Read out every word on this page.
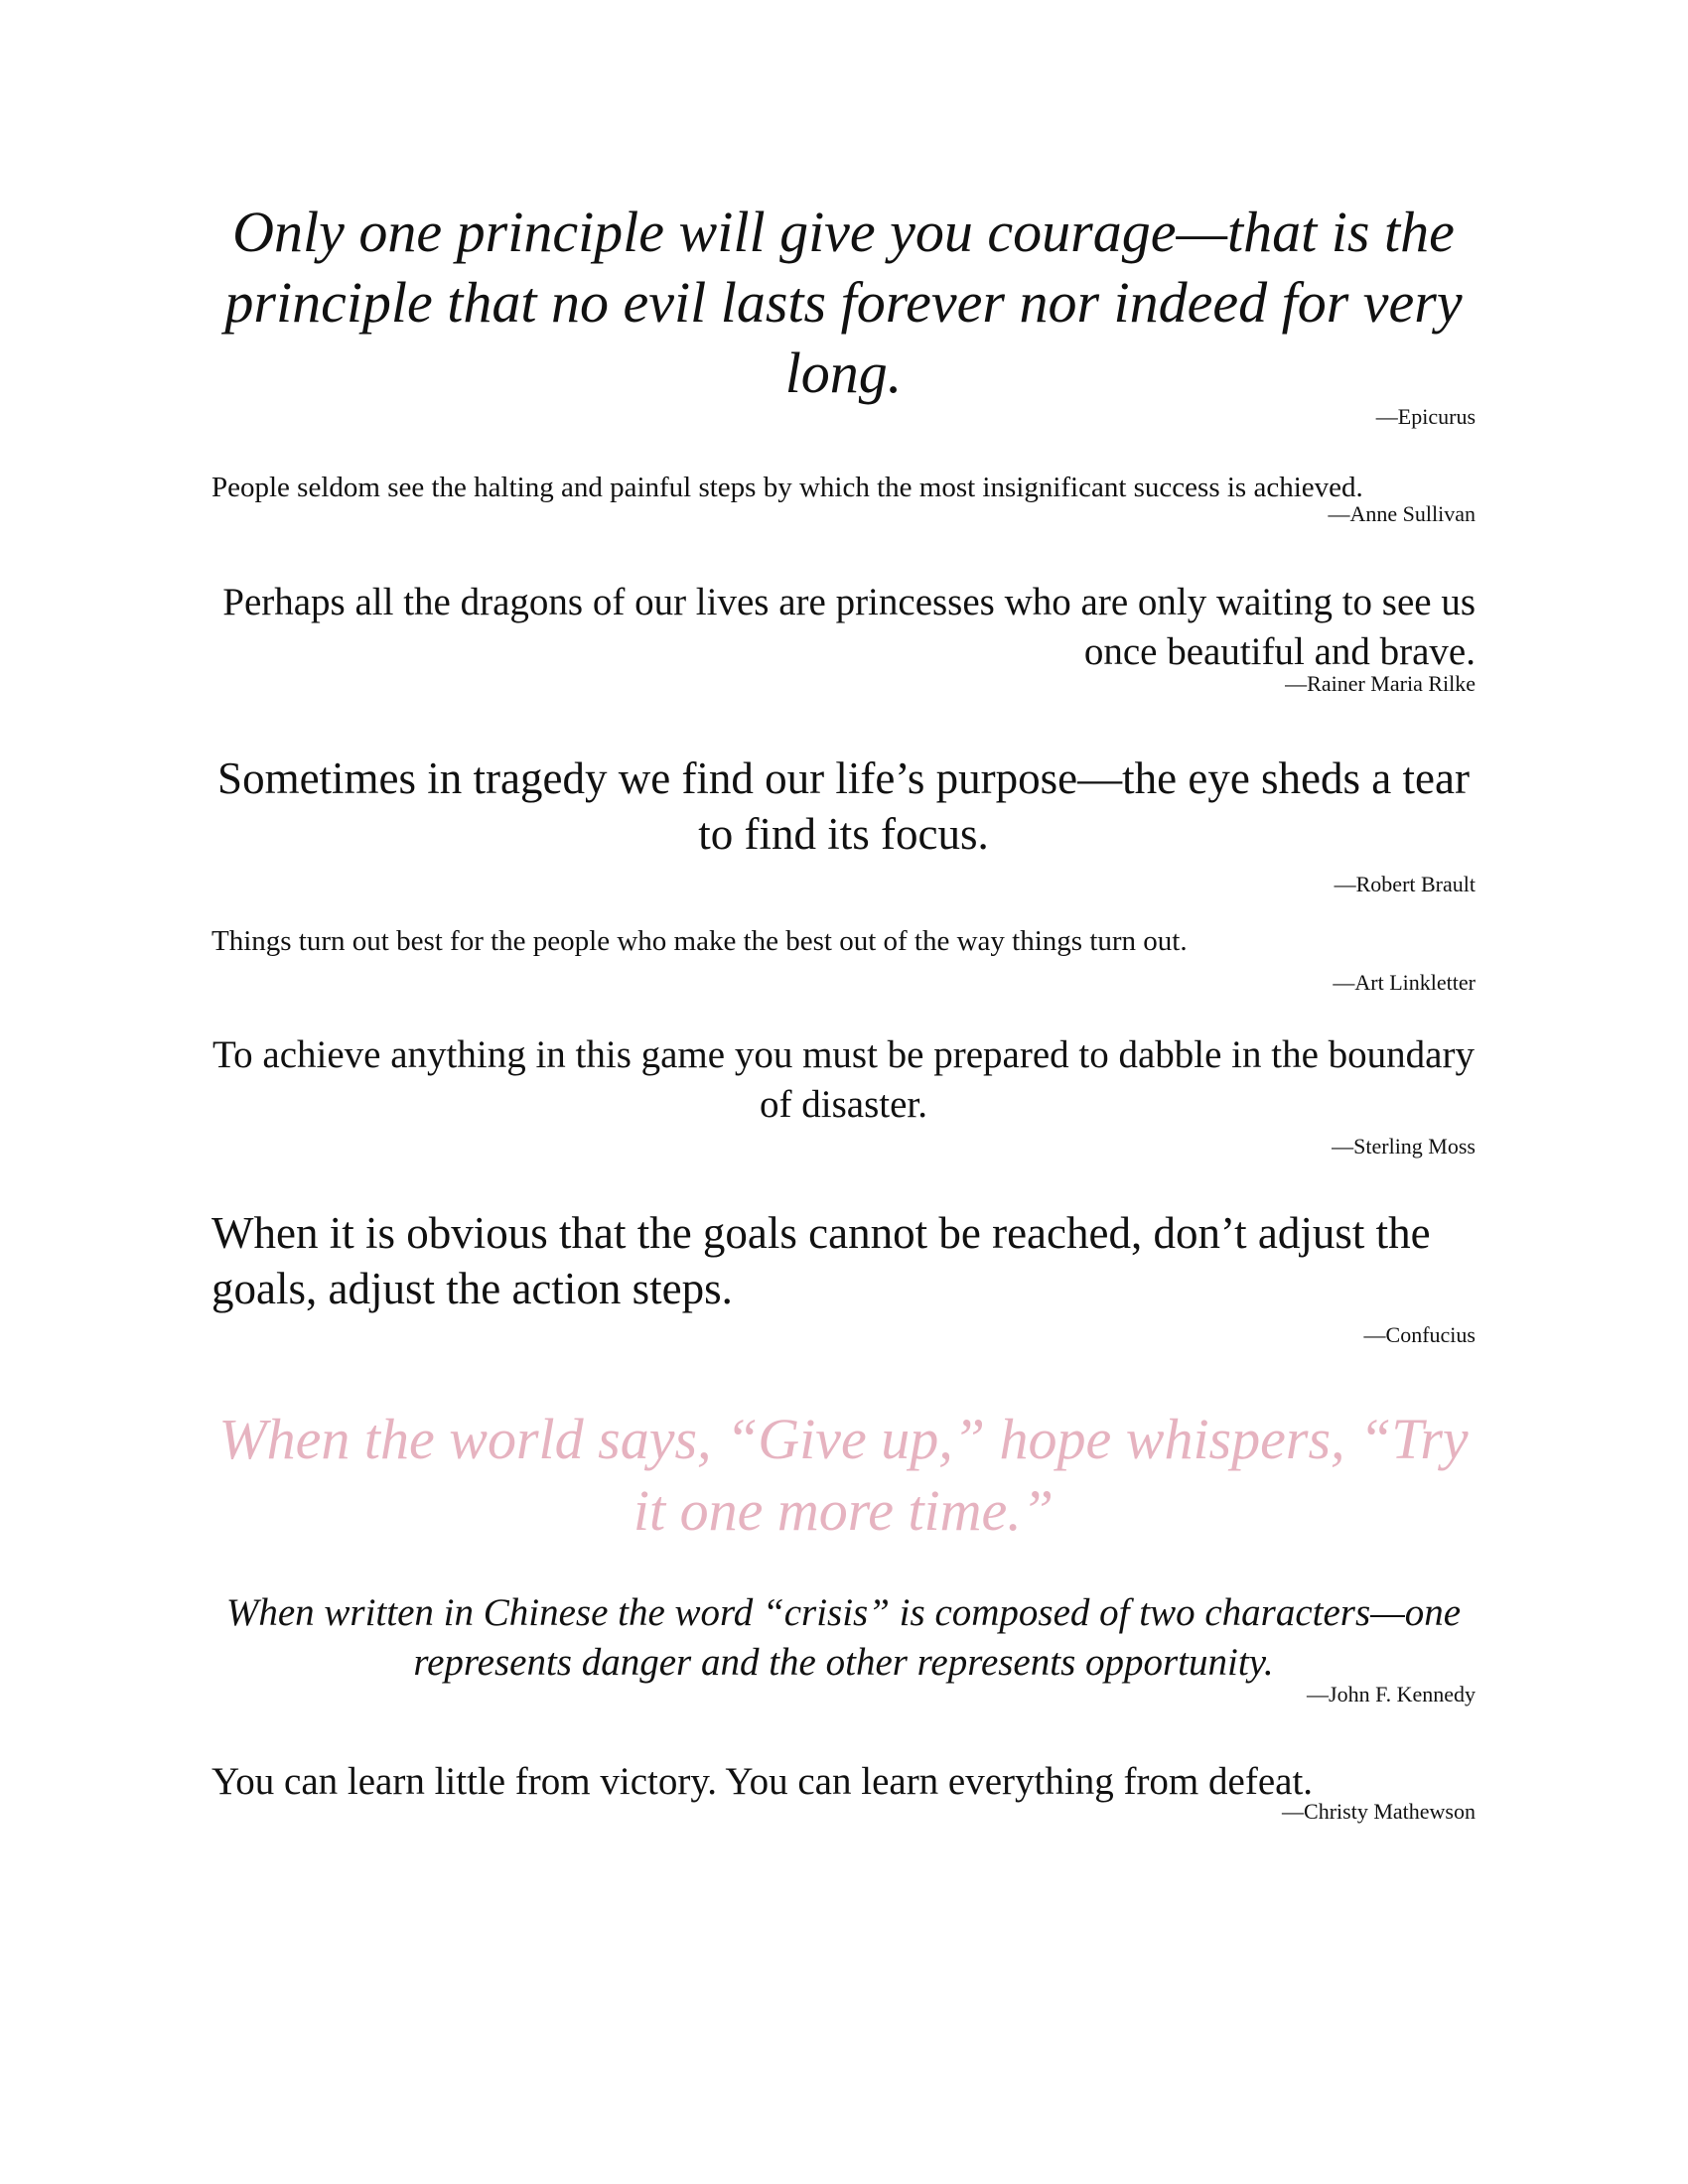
Only one principle will give you courage—that is the principle that no evil lasts forever nor indeed for very long.

—Epicurus

People seldom see the halting and painful steps by which the most insignificant success is achieved.

—Anne Sullivan

Perhaps all the dragons of our lives are princesses who are only waiting to see us once beautiful and brave.

—Rainer Maria Rilke

Sometimes in tragedy we find our life’s purpose—the eye sheds a tear to find its focus.

—Robert Brault

Things turn out best for the people who make the best out of the way things turn out.

—Art Linkletter

To achieve anything in this game you must be prepared to dabble in the boundary of disaster.

—Sterling Moss

When it is obvious that the goals cannot be reached, don’t adjust the goals, adjust the action steps.

—Confucius

When the world says, “Give up,” hope whispers, “Try it one more time.”

When written in Chinese the word “crisis” is composed of two characters—one represents danger and the other represents opportunity.

—John F. Kennedy

You can learn little from victory. You can learn everything from defeat.

—Christy Mathewson
